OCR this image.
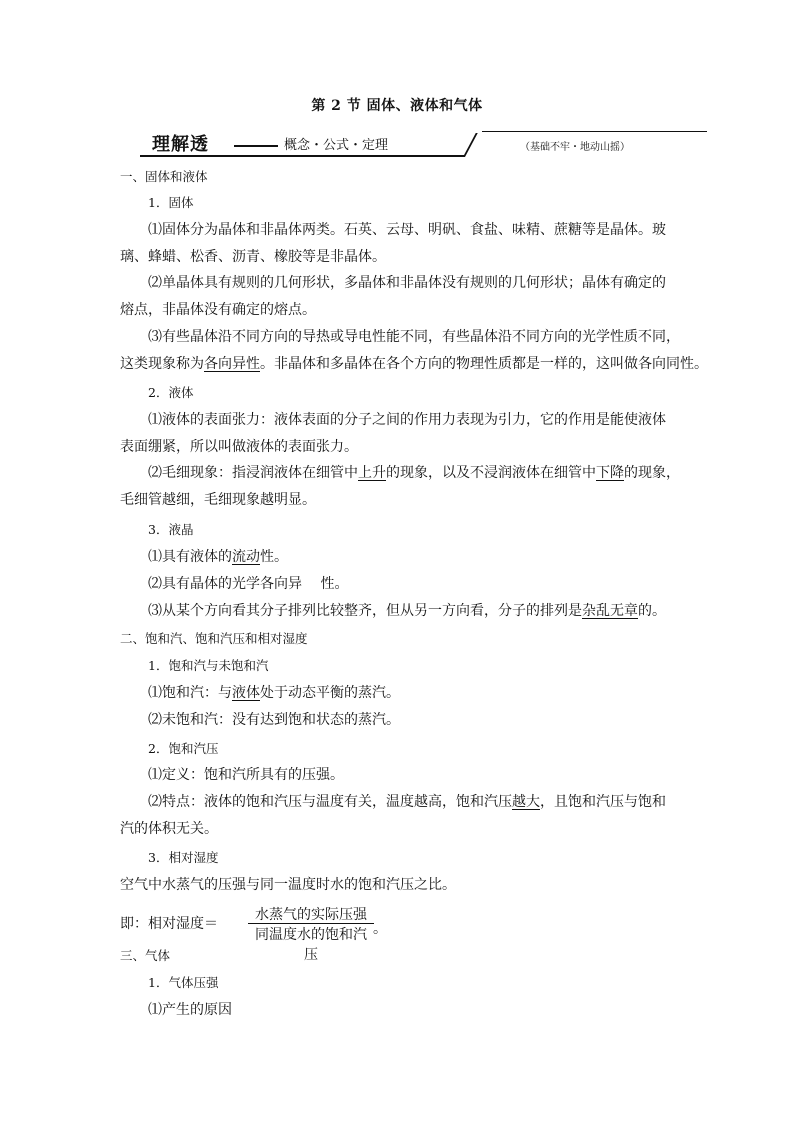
第 2 节 固体、液体和气体
理解透	概念・公式・定理	（基础不牢・地动山摇）
一、固体和液体
1．固体
⑴固体分为晶体和非晶体两类。石英、云母、明矾、食盐、味精、蔗糖等是晶体。玻
璃、蜂蜡、松香、沥青、橡胶等是非晶体。
⑵单晶体具有规则的几何形状，多晶体和非晶体没有规则的几何形状；晶体有确定的
熔点，非晶体没有确定的熔点。
⑶有些晶体沿不同方向的导热或导电性能不同，有些晶体沿不同方向的光学性质不同，
这类现象称为各向异性。非晶体和多晶体在各个方向的物理性质都是一样的，这叫做各向同性。
2．液体
⑴液体的表面张力：液体表面的分子之间的作用力表现为引力，它的作用是能使液体
表面绷紧，所以叫做液体的表面张力。
⑵毛细现象：指浸润液体在细管中上升的现象，以及不浸润液体在细管中下降的现象，
毛细管越细，毛细现象越明显。
3．液晶
⑴具有液体的流动性。
⑵具有晶体的光学各向异　 性。
⑶从某个方向看其分子排列比较整齐，但从另一方向看，分子的排列是杂乱无章的。
二、饱和汽、饱和汽压和相对湿度
1．饱和汽与未饱和汽
⑴饱和汽：与液体处于动态平衡的蒸汽。
⑵未饱和汽：没有达到饱和状态的蒸汽。
2．饱和汽压
⑴定义：饱和汽所具有的压强。
⑵特点：液体的饱和汽压与温度有关，温度越高，饱和汽压越大，且饱和汽压与饱和
汽的体积无关。
3．相对湿度
空气中水蒸气的压强与同一温度时水的饱和汽压之比。
即：相对湿度＝
水蒸气的实际压强
同温度水的饱和汽压
。
三、气体
1．气体压强
⑴产生的原因
